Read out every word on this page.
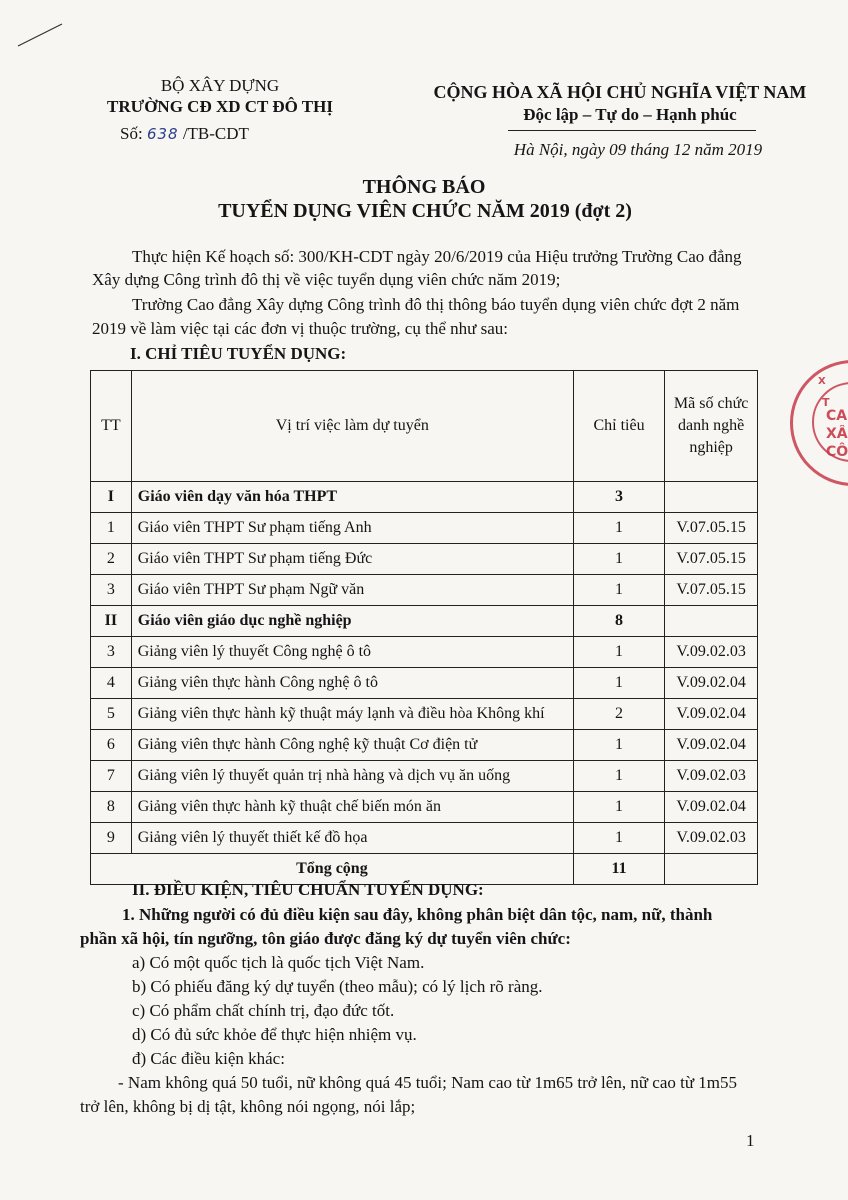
BỘ XÂY DỰNG
TRƯỜNG CĐ XD CT ĐÔ THỊ
Số: 638 /TB-CDT
CỘNG HÒA XÃ HỘI CHỦ NGHĨA VIỆT NAM
Độc lập – Tự do – Hạnh phúc
Hà Nội, ngày 09 tháng 12 năm 2019
THÔNG BÁO
TUYỂN DỤNG VIÊN CHỨC NĂM 2019 (đợt 2)
Thực hiện Kế hoạch số: 300/KH-CDT ngày 20/6/2019 của Hiệu trưởng Trường Cao đẳng
Xây dựng Công trình đô thị về việc tuyển dụng viên chức năm 2019;
Trường Cao đẳng Xây dựng Công trình đô thị thông báo tuyển dụng viên chức đợt 2 năm
2019 về làm việc tại các đơn vị thuộc trường, cụ thể như sau:
I. CHỈ TIÊU TUYỂN DỤNG:
TT	Vị trí việc làm dự tuyển	Chỉ tiêu	Mã số chức danh nghề nghiệp
I	Giáo viên dạy văn hóa THPT	3	
1	Giáo viên THPT Sư phạm tiếng Anh	1	V.07.05.15
2	Giáo viên THPT Sư phạm tiếng Đức	1	V.07.05.15
3	Giáo viên THPT Sư phạm Ngữ văn	1	V.07.05.15
II	Giáo viên giáo dục nghề nghiệp	8	
3	Giảng viên lý thuyết Công nghệ ô tô	1	V.09.02.03
4	Giảng viên thực hành Công nghệ ô tô	1	V.09.02.04
5	Giảng viên thực hành kỹ thuật máy lạnh và điều hòa Không khí	2	V.09.02.04
6	Giảng viên thực hành Công nghệ kỹ thuật Cơ điện tử	1	V.09.02.04
7	Giảng viên lý thuyết quản trị nhà hàng và dịch vụ ăn uống	1	V.09.02.03
8	Giảng viên thực hành kỹ thuật chế biến món ăn	1	V.09.02.04
9	Giảng viên lý thuyết thiết kế đồ họa	1	V.09.02.03
Tổng cộng		11	
X
T
CA
XÂ
CÔ
II. ĐIỀU KIỆN, TIÊU CHUẨN TUYỂN DỤNG:
1. Những người có đủ điều kiện sau đây, không phân biệt dân tộc, nam, nữ, thành
phần xã hội, tín ngưỡng, tôn giáo được đăng ký dự tuyển viên chức:
a) Có một quốc tịch là quốc tịch Việt Nam.
b) Có phiếu đăng ký dự tuyển (theo mẫu); có lý lịch rõ ràng.
c) Có phẩm chất chính trị, đạo đức tốt.
d) Có đủ sức khỏe để thực hiện nhiệm vụ.
đ) Các điều kiện khác:
- Nam không quá 50 tuổi, nữ không quá 45 tuổi; Nam cao từ 1m65 trở lên, nữ cao từ 1m55
trở lên, không bị dị tật, không nói ngọng, nói lắp;
1
